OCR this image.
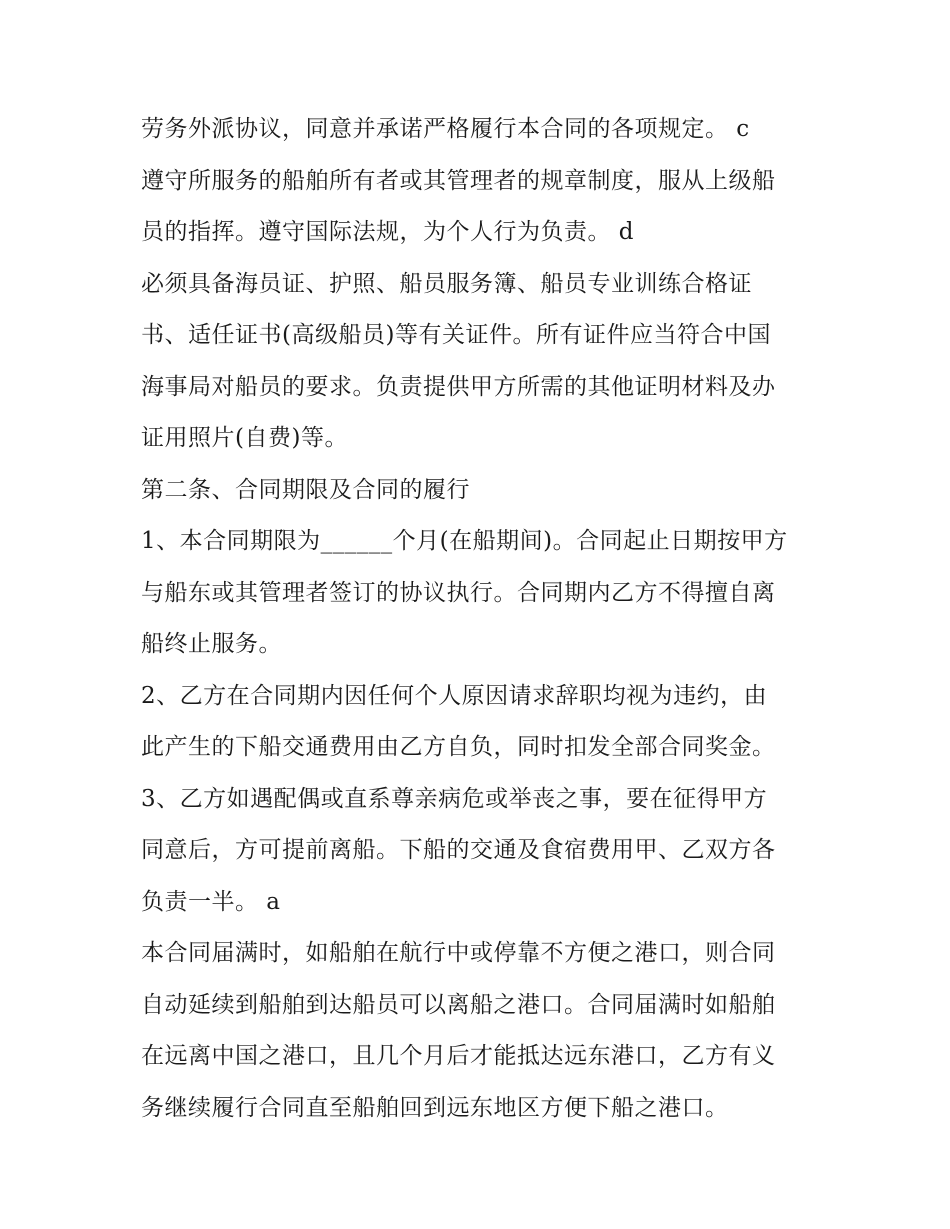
劳务外派协议，同意并承诺严格履行本合同的各项规定。 c
遵守所服务的船舶所有者或其管理者的规章制度，服从上级船
员的指挥。遵守国际法规，为个人行为负责。 d
必须具备海员证、护照、船员服务簿、船员专业训练合格证
书、适任证书(高级船员)等有关证件。所有证件应当符合中国
海事局对船员的要求。负责提供甲方所需的其他证明材料及办
证用照片(自费)等。
第二条、合同期限及合同的履行
1、本合同期限为______个月(在船期间)。合同起止日期按甲方
与船东或其管理者签订的协议执行。合同期内乙方不得擅自离
船终止服务。
2、乙方在合同期内因任何个人原因请求辞职均视为违约，由
此产生的下船交通费用由乙方自负，同时扣发全部合同奖金。
3、乙方如遇配偶或直系尊亲病危或举丧之事，要在征得甲方
同意后，方可提前离船。下船的交通及食宿费用甲、乙双方各
负责一半。 a
本合同届满时，如船舶在航行中或停靠不方便之港口，则合同
自动延续到船舶到达船员可以离船之港口。合同届满时如船舶
在远离中国之港口，且几个月后才能抵达远东港口，乙方有义
务继续履行合同直至船舶回到远东地区方便下船之港口。
